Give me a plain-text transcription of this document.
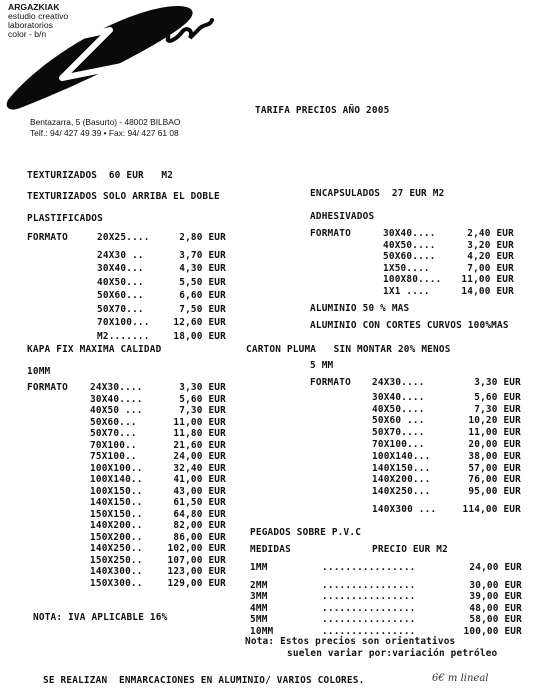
ARGAZKIAK

estudio creativo

laboratorios

color - b/n

Bentazarra, 5 (Basurto) - 48002 BILBAO
Telf.: 94/ 427 49 39 • Fax: 94/ 427 61 08
TARIFA PRECIOS AÑO 2005
TEXTURIZADOS  60 EUR   M2
TEXTURIZADOS SOLO ARRIBA EL DOBLE
PLASTIFICADOS
FORMATO	20X25....	2,80 EUR
24X30 ..	3,70 EUR
30X40...	4,30 EUR
40X50...	5,50 EUR
50X60...	6,60 EUR
50X70...	7,50 EUR
70X100...	12,60 EUR
M2.......	18,00 EUR
ENCAPSULADOS  27 EUR M2
ADHESIVADOS
FORMATO	30X40....	2,40 EUR
40X50....	3,20 EUR
50X60....	4,20 EUR
1X50....	7,00 EUR
100X80.... 11,00 EUR
1X1 ....	14,00 EUR
ALUMINIO 50 % MAS
ALUMINIO CON CORTES CURVOS 100%MAS
KAPA FIX MAXIMA CALIDAD
10MM
FORMATO 24X30....	3,30 EUR
30X40....	5,60 EUR
40X50 ...	7,30 EUR
50X60...	11,00 EUR
50X70...	11,80 EUR
70X100..	21,60 EUR
75X100..	24,00 EUR
100X100..	32,40 EUR
100X140..	41,00 EUR
100X150..	43,00 EUR
140X150..	61,50 EUR
150X150..	64,80 EUR
140X200..	82,00 EUR
150X200..	86,00 EUR
140X250..	102,00 EUR
150X250..	107,00 EUR
140X300..	123,00 EUR
150X300..	129,00 EUR
CARTON PLUMA   SIN MONTAR 20% MENOS
5 MM
FORMATO 24X30....	3,30 EUR
30X40....	5,60 EUR
40X50....	7,30 EUR
50X60 ...	10,20 EUR
50X70....	11,00 EUR
70X100...	20,00 EUR
100X140...	38,00 EUR
140X150...	57,00 EUR
140X200...	76,00 EUR
140X250...	95,00 EUR
140X300 ...	114,00 EUR
PEGADOS SOBRE P.V.C
MEDIDAS	PRECIO EUR M2
1MM	................	24,00 EUR
2MM	................	30,00 EUR
3MM	................	39,00 EUR
4MM	................	48,00 EUR
5MM	................	58,00 EUR
10MM	................	100,00 EUR
NOTA: IVA APLICABLE 16%
Nota: Estos precios son orientativos
suelen variar por:variación petróleo
SE REALIZAN  ENMARCACIONES EN ALUMINIO/ VARIOS COLORES.	6€ m lineal
